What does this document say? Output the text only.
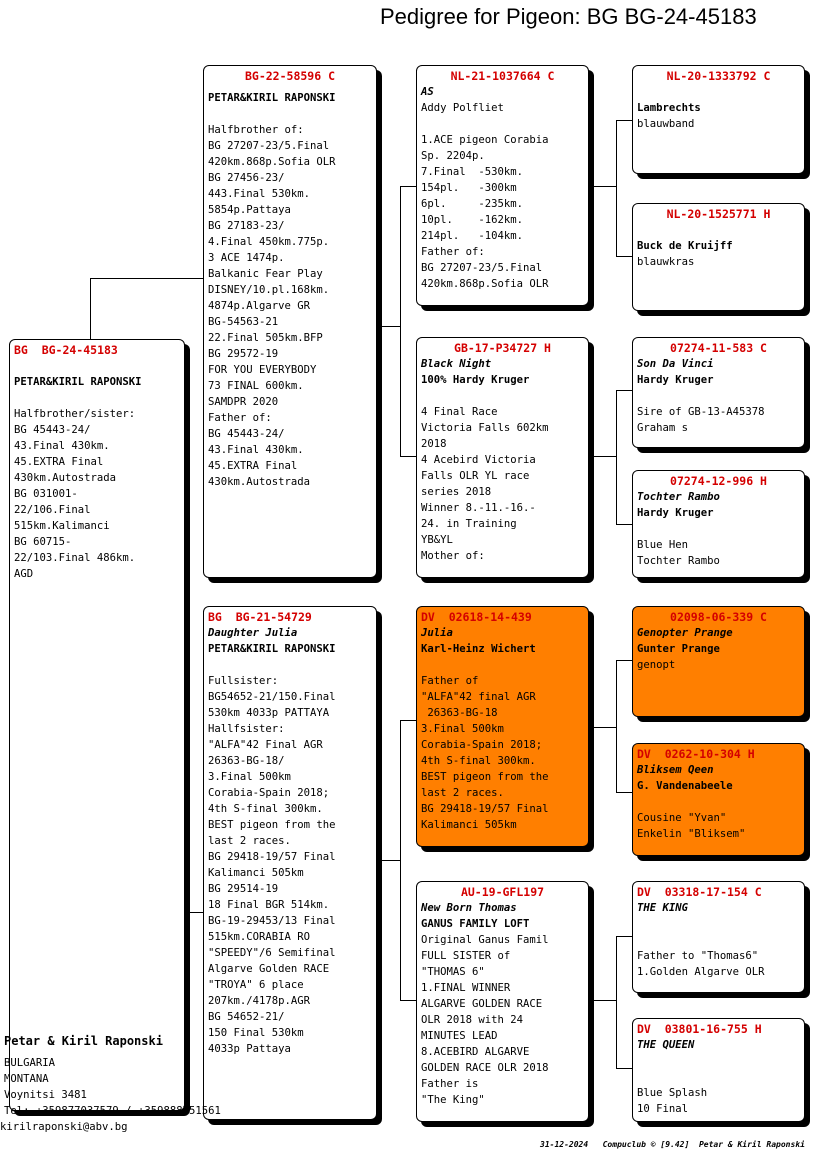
Pedigree for Pigeon: BG BG-24-45183
BG  BG-24-45183
PETAR&KIRIL RAPONSKI
Halfbrother/sister:
BG 45443-24/
43.Final 430km.
45.EXTRA Final
430km.Autostrada
BG 031001-
22/106.Final
515km.Kalimanci
BG 60715-
22/103.Final 486km.
AGD
BG-22-58596 C
PETAR&KIRIL RAPONSKI
Halfbrother of:
BG 27207-23/5.Final
420km.868p.Sofia OLR
BG 27456-23/
443.Final 530km.
5854p.Pattaya
BG 27183-23/
4.Final 450km.775p.
3 ACE 1474p.
Balkanic Fear Play
DISNEY/10.pl.168km.
4874p.Algarve GR
BG-54563-21
22.Final 505km.BFP
BG 29572-19
FOR YOU EVERYBODY
73 FINAL 600km.
SAMDPR 2020
Father of:
BG 45443-24/
43.Final 430km.
45.EXTRA Final
430km.Autostrada
BG  BG-21-54729
Daughter Julia
PETAR&KIRIL RAPONSKI
Fullsister:
BG54652-21/150.Final
530km 4033p PATTAYA
Hallfsister:
"ALFA"42 Final AGR
26363-BG-18/
3.Final 500km
Corabia-Spain 2018;
4th S-final 300km.
BEST pigeon from the
last 2 races.
BG 29418-19/57 Final
Kalimanci 505km
BG 29514-19
18 Final BGR 514km.
BG-19-29453/13 Final
515km.CORABIA RO
"SPEEDY"/6 Semifinal
Algarve Golden RACE
"TROYA" 6 place
207km./4178p.AGR
BG 54652-21/
150 Final 530km
4033p Pattaya
NL-21-1037664 C
AS
Addy Polfliet
1.ACE pigeon Corabia
Sp. 2204p.
7.Final  -530km.
154pl.   -300km
6pl.     -235km.
10pl.    -162km.
214pl.   -104km.
Father of:
BG 27207-23/5.Final
420km.868p.Sofia OLR
GB-17-P34727 H
Black Night
100% Hardy Kruger
4 Final Race
Victoria Falls 602km
2018
4 Acebird Victoria
Falls OLR YL race
series 2018
Winner 8.-11.-16.-
24. in Training
YB&YL
Mother of:
DV  02618-14-439
Julia
Karl-Heinz Wichert
Father of
"ALFA"42 final AGR
26363-BG-18
3.Final 500km
Corabia-Spain 2018;
4th S-final 300km.
BEST pigeon from the
last 2 races.
BG 29418-19/57 Final
Kalimanci 505km
AU-19-GFL197
New Born Thomas
GANUS FAMILY LOFT
Original Ganus Famil
FULL SISTER of
"THOMAS 6"
1.FINAL WINNER
ALGARVE GOLDEN RACE
OLR 2018 with 24
MINUTES LEAD
8.ACEBIRD ALGARVE
GOLDEN RACE OLR 2018
Father is
"The King"
NL-20-1333792 C
Lambrechts
blauwband
NL-20-1525771 H
Buck de Kruijff
blauwkras
07274-11-583 C
Son Da Vinci
Hardy Kruger

Sire of GB-13-A45378
Graham s
07274-12-996 H
Tochter Rambo
Hardy Kruger

Blue Hen
Tochter Rambo
02098-06-339 C
Genopter Prange
Gunter Prange
genopt
DV  0262-10-304 H
Bliksem Qeen
G. Vandenabeele

Cousine "Yvan"
Enkelin "Bliksem"
DV  03318-17-154 C
THE KING

Father to "Thomas6"
1.Golden Algarve OLR
DV  03801-16-755 H
THE QUEEN

Blue Splash
10 Final
Petar & Kiril Raponski
BULGARIA
MONTANA
Voynitsi 3481
Tel: +359877037579 / +359888751561
kirilraponski@abv.bg
31-12-2024   Compuclub © [9.42]  Petar & Kiril Raponski
